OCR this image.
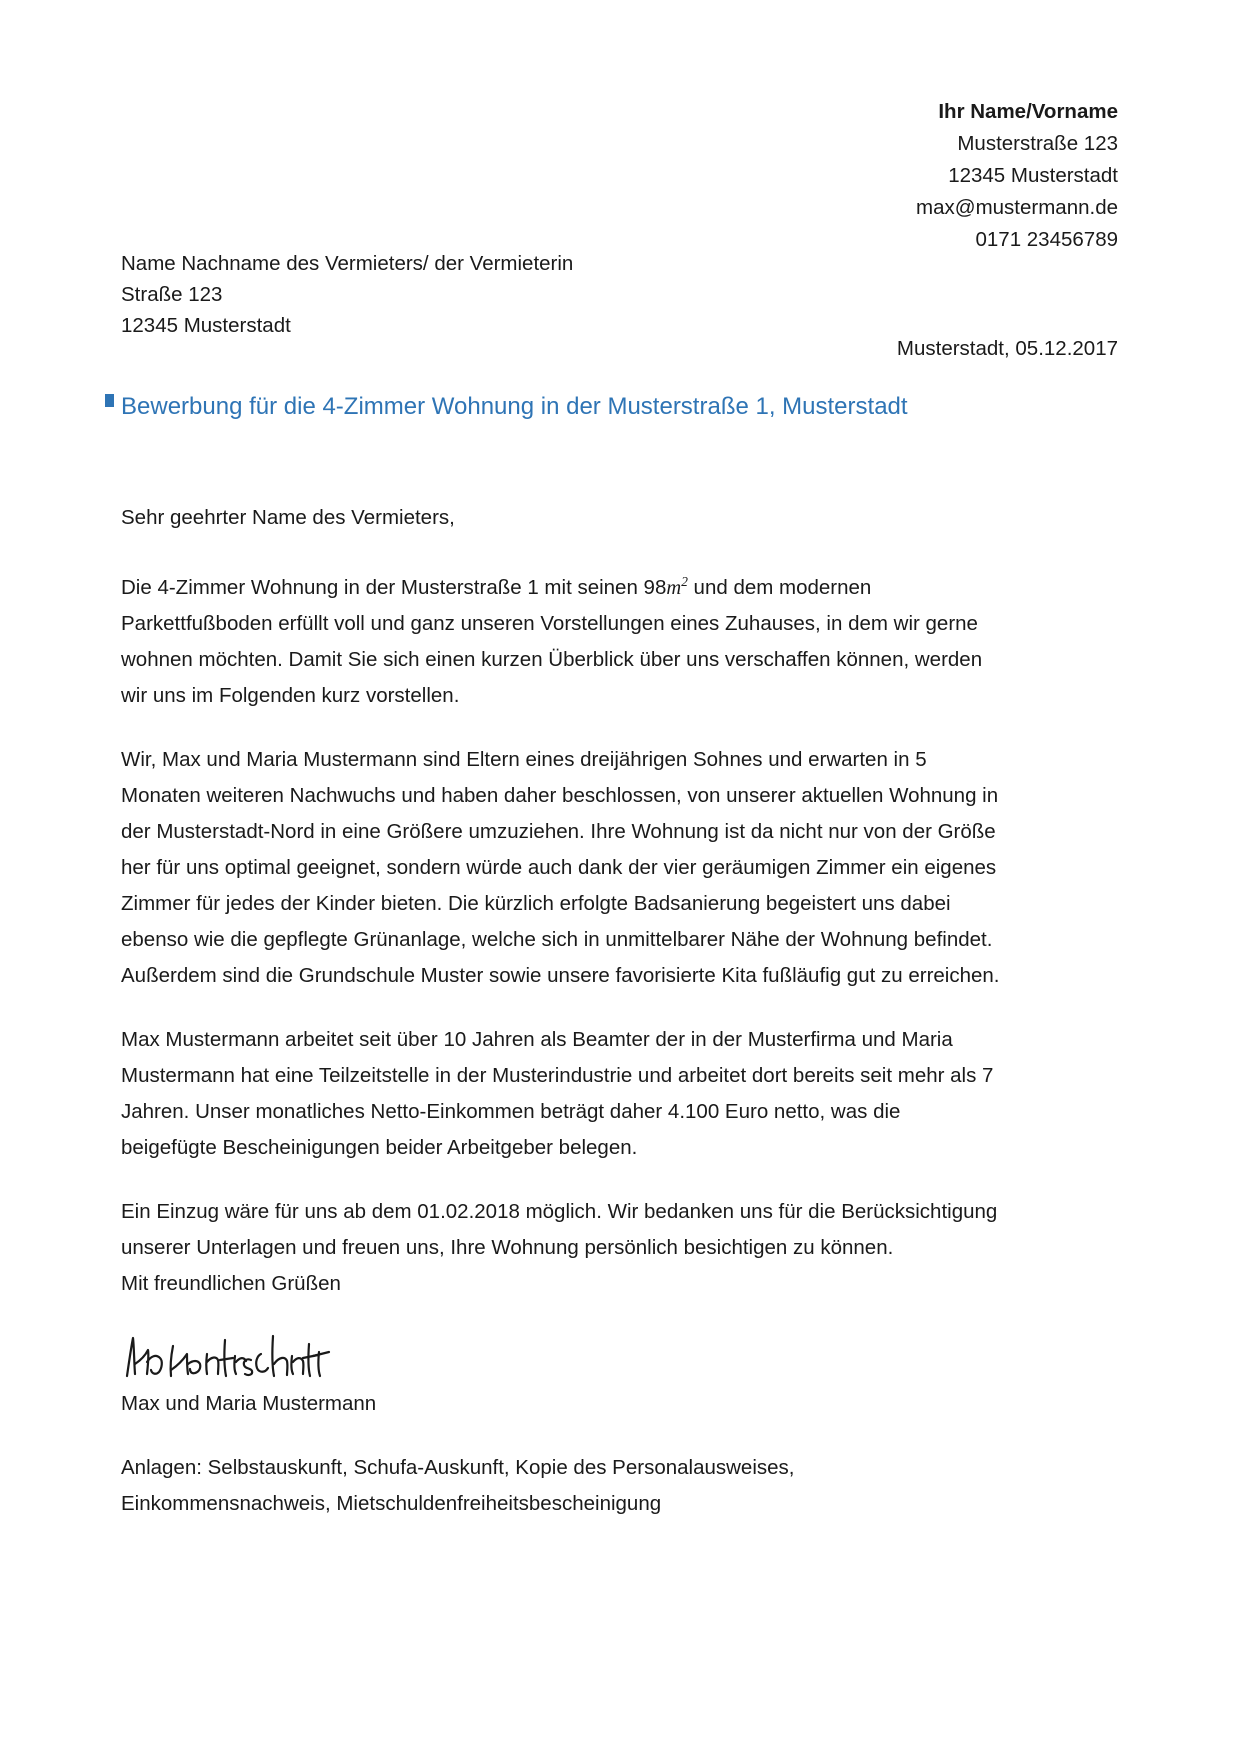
Ihr Name/Vorname
Musterstraße 123
12345 Musterstadt
max@mustermann.de
0171 23456789
Name Nachname des Vermieters/ der Vermieterin
Straße 123
12345 Musterstadt
Musterstadt, 05.12.2017
Bewerbung für die 4-Zimmer Wohnung in der Musterstraße 1, Musterstadt

Sehr geehrter Name des Vermieters,

Die 4-Zimmer Wohnung in der Musterstraße 1 mit seinen $98m^2$ und dem modernen Parkettfußboden erfüllt voll und ganz unseren Vorstellungen eines Zuhauses, in dem wir gerne wohnen möchten. Damit Sie sich einen kurzen Überblick über uns verschaffen können, werden wir uns im Folgenden kurz vorstellen.

Wir, Max und Maria Mustermann sind Eltern eines dreijährigen Sohnes und erwarten in 5 Monaten weiteren Nachwuchs und haben daher beschlossen, von unserer aktuellen Wohnung in der Musterstadt-Nord in eine Größere umzuziehen. Ihre Wohnung ist da nicht nur von der Größe her für uns optimal geeignet, sondern würde auch dank der vier geräumigen Zimmer ein eigenes Zimmer für jedes der Kinder bieten. Die kürzlich erfolgte Badsanierung begeistert uns dabei ebenso wie die gepflegte Grünanlage, welche sich in unmittelbarer Nähe der Wohnung befindet. Außerdem sind die Grundschule Muster sowie unsere favorisierte Kita fußläufig gut zu erreichen.

Max Mustermann arbeitet seit über 10 Jahren als Beamter der in der Musterfirma und Maria Mustermann hat eine Teilzeitstelle in der Musterindustrie und arbeitet dort bereits seit mehr als 7 Jahren. Unser monatliches Netto-Einkommen beträgt daher 4.100 Euro netto, was die beigefügte Bescheinigungen beider Arbeitgeber belegen.

Ein Einzug wäre für uns ab dem 01.02.2018 möglich. Wir bedanken uns für die Berücksichtigung unserer Unterlagen und freuen uns, Ihre Wohnung persönlich besichtigen zu können.

Mit freundlichen Grüßen

Max und Maria Mustermann

Anlagen: Selbstauskunft, Schufa-Auskunft, Kopie des Personalausweises, Einkommensnachweis, Mietschuldenfreiheitsbescheinigung
